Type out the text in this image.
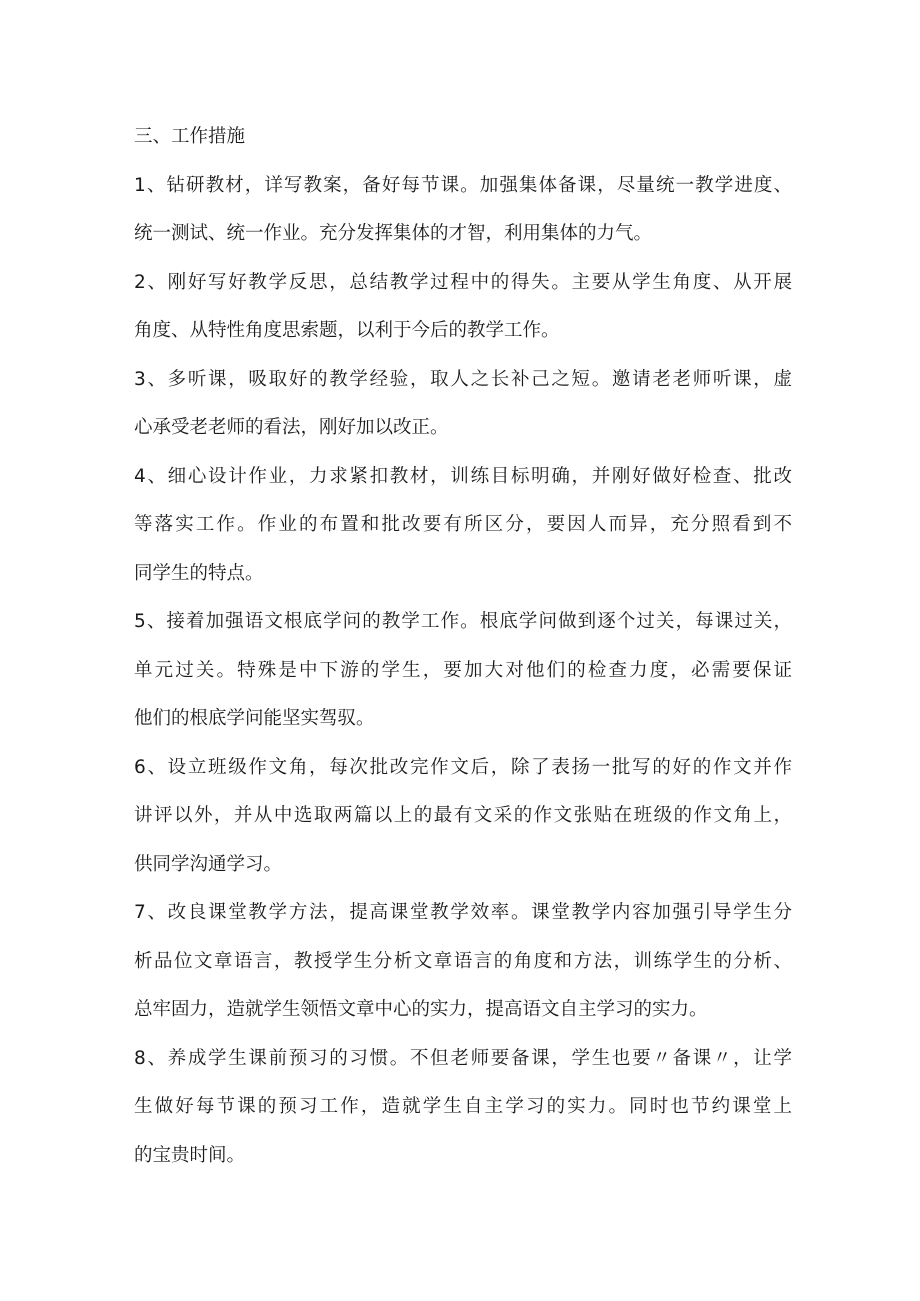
三、工作措施

1、钻研教材，详写教案，备好每节课。加强集体备课，尽量统一教学进度、
统一测试、统一作业。充分发挥集体的才智，利用集体的力气。
2、刚好写好教学反思，总结教学过程中的得失。主要从学生角度、从开展
角度、从特性角度思索题，以利于今后的教学工作。
3、多听课，吸取好的教学经验，取人之长补己之短。邀请老老师听课，虚
心承受老老师的看法，刚好加以改正。
4、细心设计作业，力求紧扣教材，训练目标明确，并刚好做好检查、批改
等落实工作。作业的布置和批改要有所区分，要因人而异，充分照看到不
同学生的特点。
5、接着加强语文根底学问的教学工作。根底学问做到逐个过关，每课过关，
单元过关。特殊是中下游的学生，要加大对他们的检查力度，必需要保证
他们的根底学问能坚实驾驭。
6、设立班级作文角，每次批改完作文后，除了表扬一批写的好的作文并作
讲评以外，并从中选取两篇以上的最有文采的作文张贴在班级的作文角上，
供同学沟通学习。
7、改良课堂教学方法，提高课堂教学效率。课堂教学内容加强引导学生分
析品位文章语言，教授学生分析文章语言的角度和方法，训练学生的分析、
总牢固力，造就学生领悟文章中心的实力，提高语文自主学习的实力。
8、养成学生课前预习的习惯。不但老师要备课，学生也要〃备课〃，让学
生做好每节课的预习工作，造就学生自主学习的实力。同时也节约课堂上
的宝贵时间。
